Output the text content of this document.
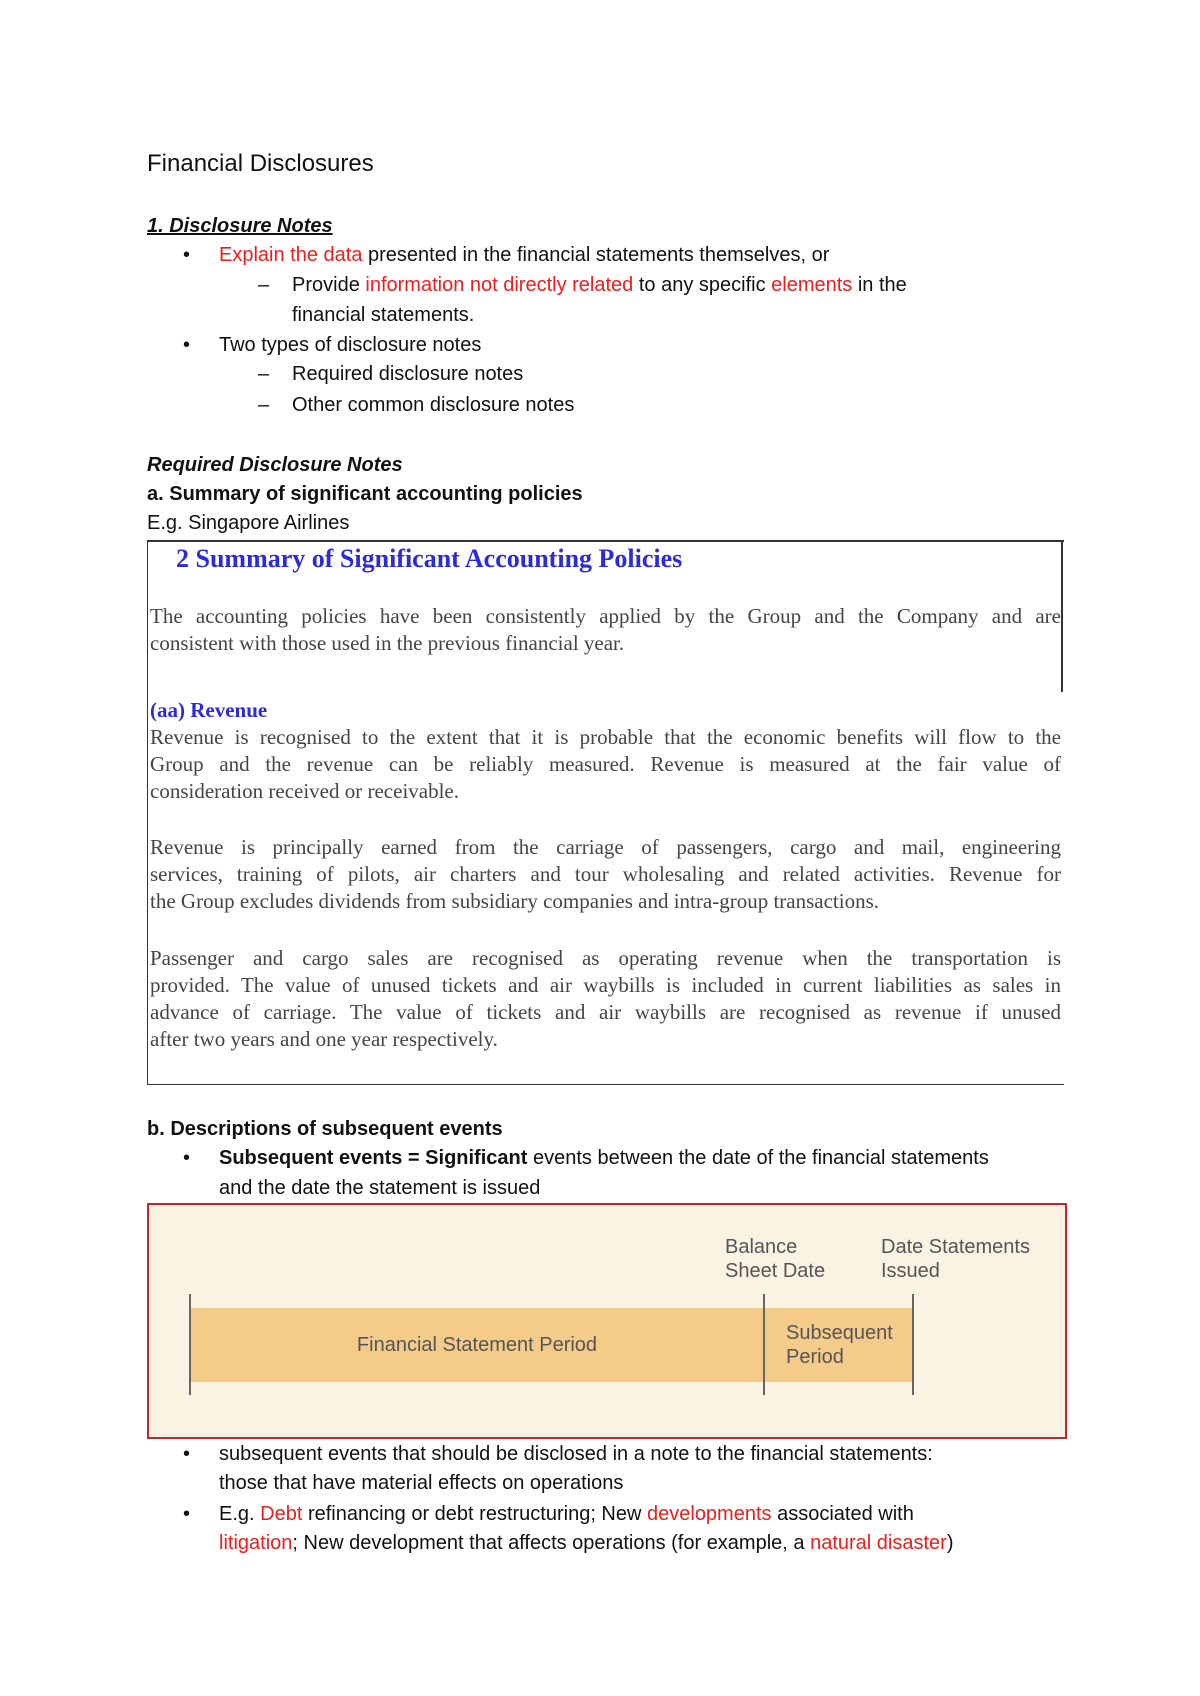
Financial Disclosures
1. Disclosure Notes
• Explain the data presented in the financial statements themselves, or
– Provide information not directly related to any specific elements in the
financial statements.
• Two types of disclosure notes
– Required disclosure notes
– Other common disclosure notes
Required Disclosure Notes
a. Summary of significant accounting policies
E.g. Singapore Airlines
2 Summary of Significant Accounting Policies
The accounting policies have been consistently applied by the Group and the Company and are
consistent with those used in the previous financial year.
(aa) Revenue
Revenue is recognised to the extent that it is probable that the economic benefits will flow to the
Group and the revenue can be reliably measured. Revenue is measured at the fair value of
consideration received or receivable.
Revenue is principally earned from the carriage of passengers, cargo and mail, engineering
services, training of pilots, air charters and tour wholesaling and related activities. Revenue for
the Group excludes dividends from subsidiary companies and intra-group transactions.
Passenger and cargo sales are recognised as operating revenue when the transportation is
provided. The value of unused tickets and air waybills is included in current liabilities as sales in
advance of carriage. The value of tickets and air waybills are recognised as revenue if unused
after two years and one year respectively.
b. Descriptions of subsequent events
• Subsequent events = Significant events between the date of the financial statements
and the date the statement is issued
Balance
Sheet Date
Date Statements
Issued
Financial Statement Period
Subsequent
Period
• subsequent events that should be disclosed in a note to the financial statements:
those that have material effects on operations
• E.g. Debt refinancing or debt restructuring; New developments associated with
litigation; New development that affects operations (for example, a natural disaster)
